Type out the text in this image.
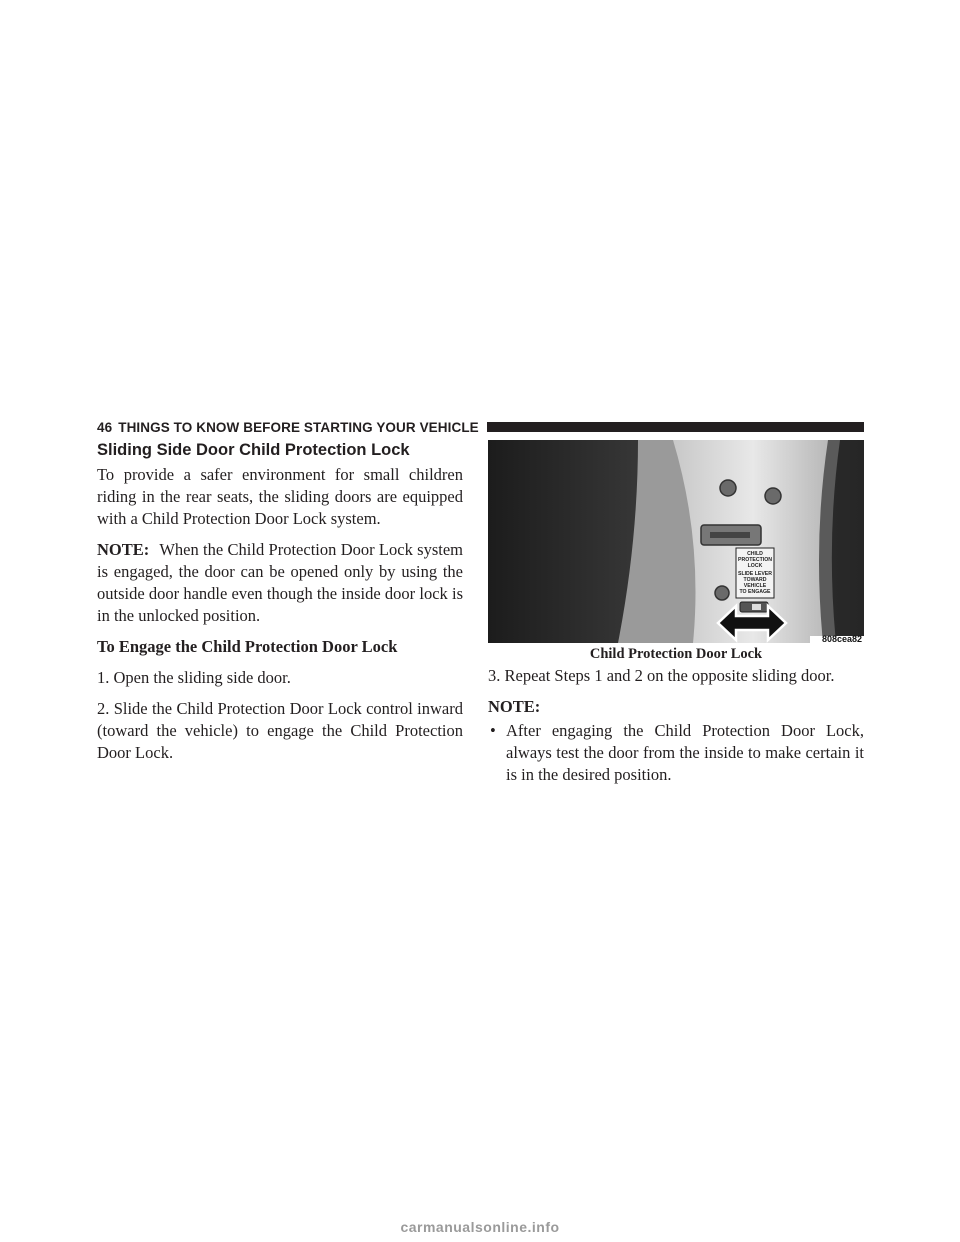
46 THINGS TO KNOW BEFORE STARTING YOUR VEHICLE
Sliding Side Door Child Protection Lock

To provide a safer environment for small children riding in the rear seats, the sliding doors are equipped with a Child Protection Door Lock system.

NOTE: When the Child Protection Door Lock system is engaged, the door can be opened only by using the outside door handle even though the inside door lock is in the unlocked position.

To Engage the Child Protection Door Lock

1. Open the sliding side door.

2. Slide the Child Protection Door Lock control inward (toward the vehicle) to engage the Child Protection Door Lock.

CHILD
PROTECTION
LOCK
SLIDE LEVER
TOWARD
VEHICLE
TO ENGAGE
808cea82
Child Protection Door Lock

3. Repeat Steps 1 and 2 on the opposite sliding door.

NOTE:
• After engaging the Child Protection Door Lock, always test the door from the inside to make certain it is in the desired position.
carmanualsonline.info
